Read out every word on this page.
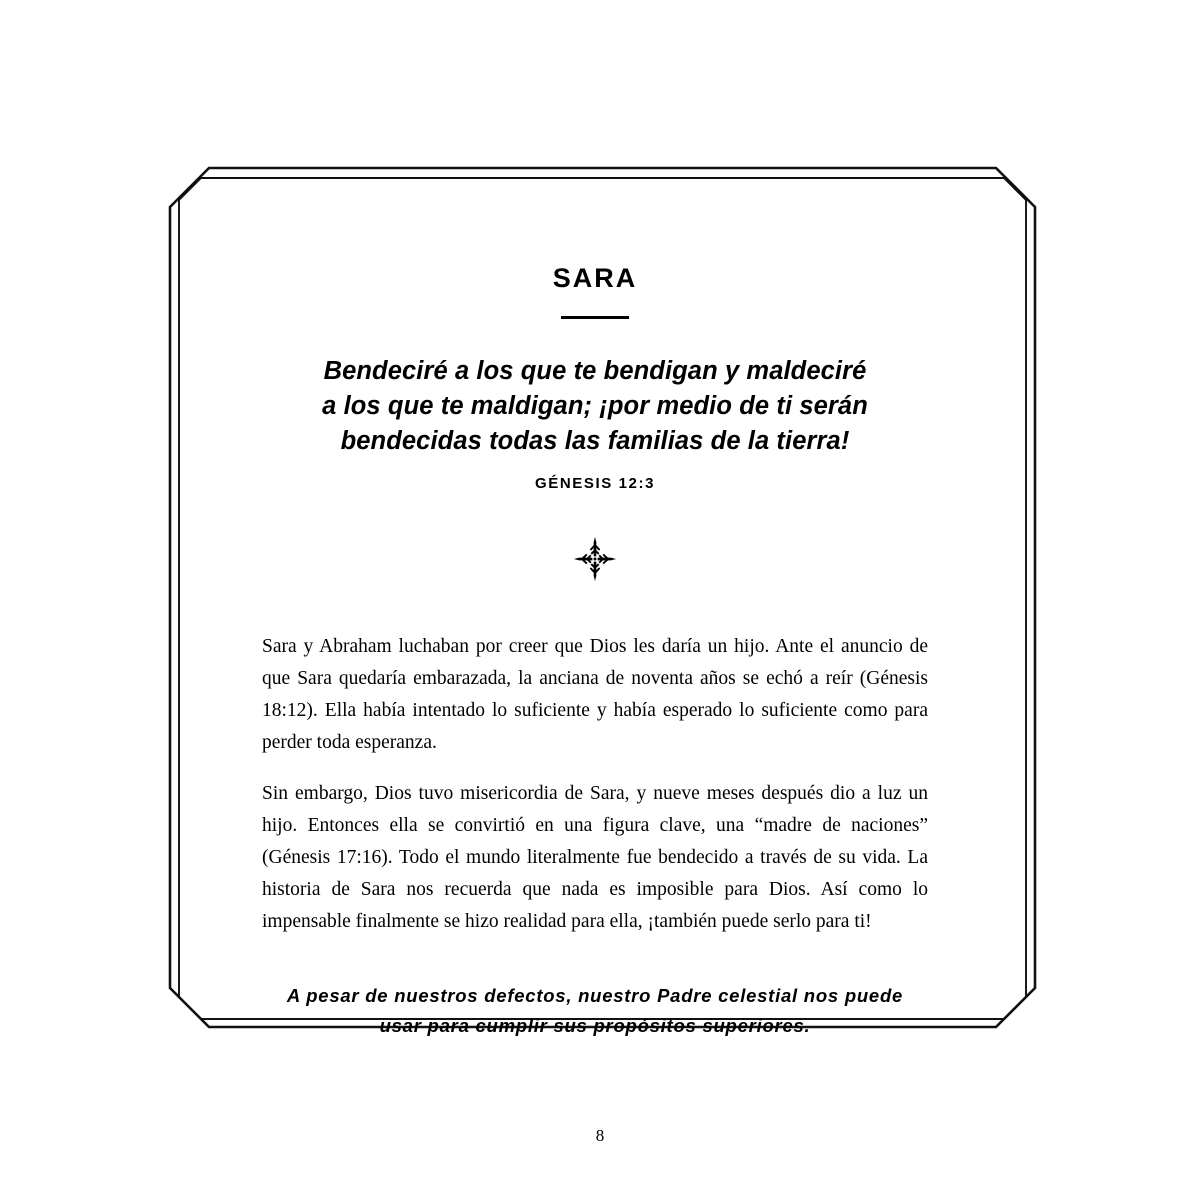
SARA
Bendeciré a los que te bendigan y maldeciré
a los que te maldigan; ¡por medio de ti serán
bendecidas todas las familias de la tierra!
GÉNESIS 12:3

Sara y Abraham luchaban por creer que Dios les daría un hijo. Ante el anuncio de que Sara quedaría embarazada, la anciana de noventa años se echó a reír (Génesis 18:12). Ella había intentado lo suficiente y había esperado lo suficiente como para perder toda esperanza.

Sin embargo, Dios tuvo misericordia de Sara, y nueve meses después dio a luz un hijo. Entonces ella se convirtió en una figura clave, una “madre de naciones” (Génesis 17:16). Todo el mundo literalmente fue bendecido a través de su vida. La historia de Sara nos recuerda que nada es imposible para Dios. Así como lo impensable finalmente se hizo realidad para ella, ¡también puede serlo para ti!

A pesar de nuestros defectos, nuestro Padre celestial nos puede
usar para cumplir sus propósitos superiores.
8
